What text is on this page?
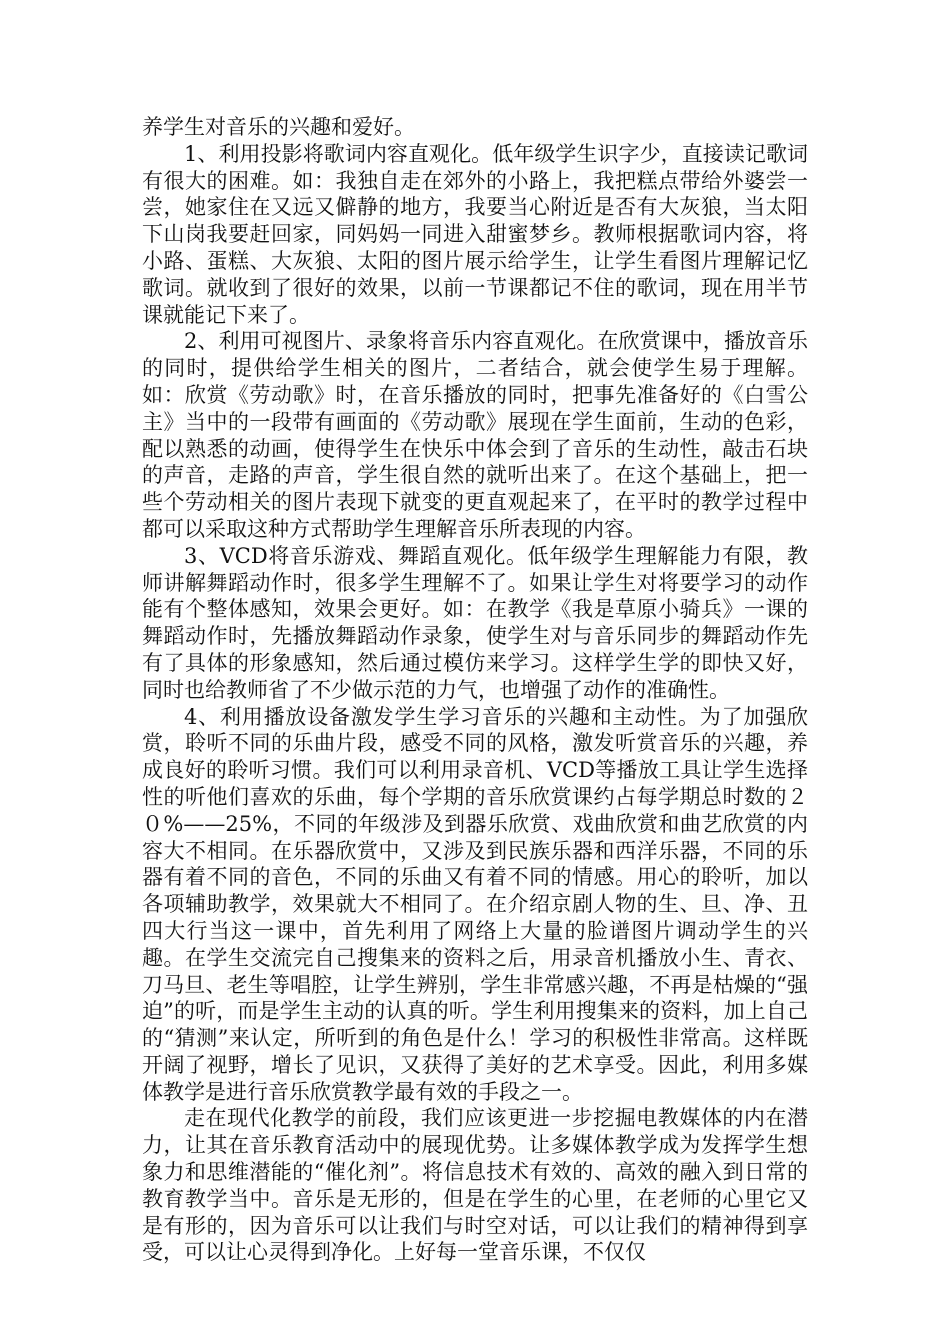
养学生对音乐的兴趣和爱好。

1、利用投影将歌词内容直观化。低年级学生识字少，直接读记歌词有很大的困难。如：我独自走在郊外的小路上，我把糕点带给外婆尝一尝，她家住在又远又僻静的地方，我要当心附近是否有大灰狼，当太阳下山岗我要赶回家，同妈妈一同进入甜蜜梦乡。教师根据歌词内容，将小路、蛋糕、大灰狼、太阳的图片展示给学生，让学生看图片理解记忆歌词。就收到了很好的效果，以前一节课都记不住的歌词，现在用半节课就能记下来了。

2、利用可视图片、录象将音乐内容直观化。在欣赏课中，播放音乐的同时，提供给学生相关的图片，二者结合，就会使学生易于理解。如：欣赏《劳动歌》时，在音乐播放的同时，把事先准备好的《白雪公主》当中的一段带有画面的《劳动歌》展现在学生面前，生动的色彩，配以熟悉的动画，使得学生在快乐中体会到了音乐的生动性，敲击石块的声音，走路的声音，学生很自然的就听出来了。在这个基础上，把一些个劳动相关的图片表现下就变的更直观起来了，在平时的教学过程中都可以采取这种方式帮助学生理解音乐所表现的内容。

3、VCD将音乐游戏、舞蹈直观化。低年级学生理解能力有限，教师讲解舞蹈动作时，很多学生理解不了。如果让学生对将要学习的动作能有个整体感知，效果会更好。如：在教学《我是草原小骑兵》一课的舞蹈动作时，先播放舞蹈动作录象，使学生对与音乐同步的舞蹈动作先有了具体的形象感知，然后通过模仿来学习。这样学生学的即快又好，同时也给教师省了不少做示范的力气，也增强了动作的准确性。

4、利用播放设备激发学生学习音乐的兴趣和主动性。为了加强欣赏，聆听不同的乐曲片段，感受不同的风格，激发听赏音乐的兴趣，养成良好的聆听习惯。我们可以利用录音机、VCD等播放工具让学生选择性的听他们喜欢的乐曲，每个学期的音乐欣赏课约占每学期总时数的２０%——25%，不同的年级涉及到器乐欣赏、戏曲欣赏和曲艺欣赏的内容大不相同。在乐器欣赏中，又涉及到民族乐器和西洋乐器，不同的乐器有着不同的音色，不同的乐曲又有着不同的情感。用心的聆听，加以各项辅助教学，效果就大不相同了。在介绍京剧人物的生、旦、净、丑四大行当这一课中，首先利用了网络上大量的脸谱图片调动学生的兴趣。在学生交流完自己搜集来的资料之后，用录音机播放小生、青衣、刀马旦、老生等唱腔，让学生辨别，学生非常感兴趣，不再是枯燥的“强迫”的听，而是学生主动的认真的听。学生利用搜集来的资料，加上自己的“猜测”来认定，所听到的角色是什么！学习的积极性非常高。这样既开阔了视野，增长了见识，又获得了美好的艺术享受。因此，利用多媒体教学是进行音乐欣赏教学最有效的手段之一。

走在现代化教学的前段，我们应该更进一步挖掘电教媒体的内在潜力，让其在音乐教育活动中的展现优势。让多媒体教学成为发挥学生想象力和思维潜能的“催化剂”。将信息技术有效的、高效的融入到日常的教育教学当中。音乐是无形的，但是在学生的心里，在老师的心里它又是有形的，因为音乐可以让我们与时空对话，可以让我们的精神得到享受，可以让心灵得到净化。上好每一堂音乐课，不仅仅
